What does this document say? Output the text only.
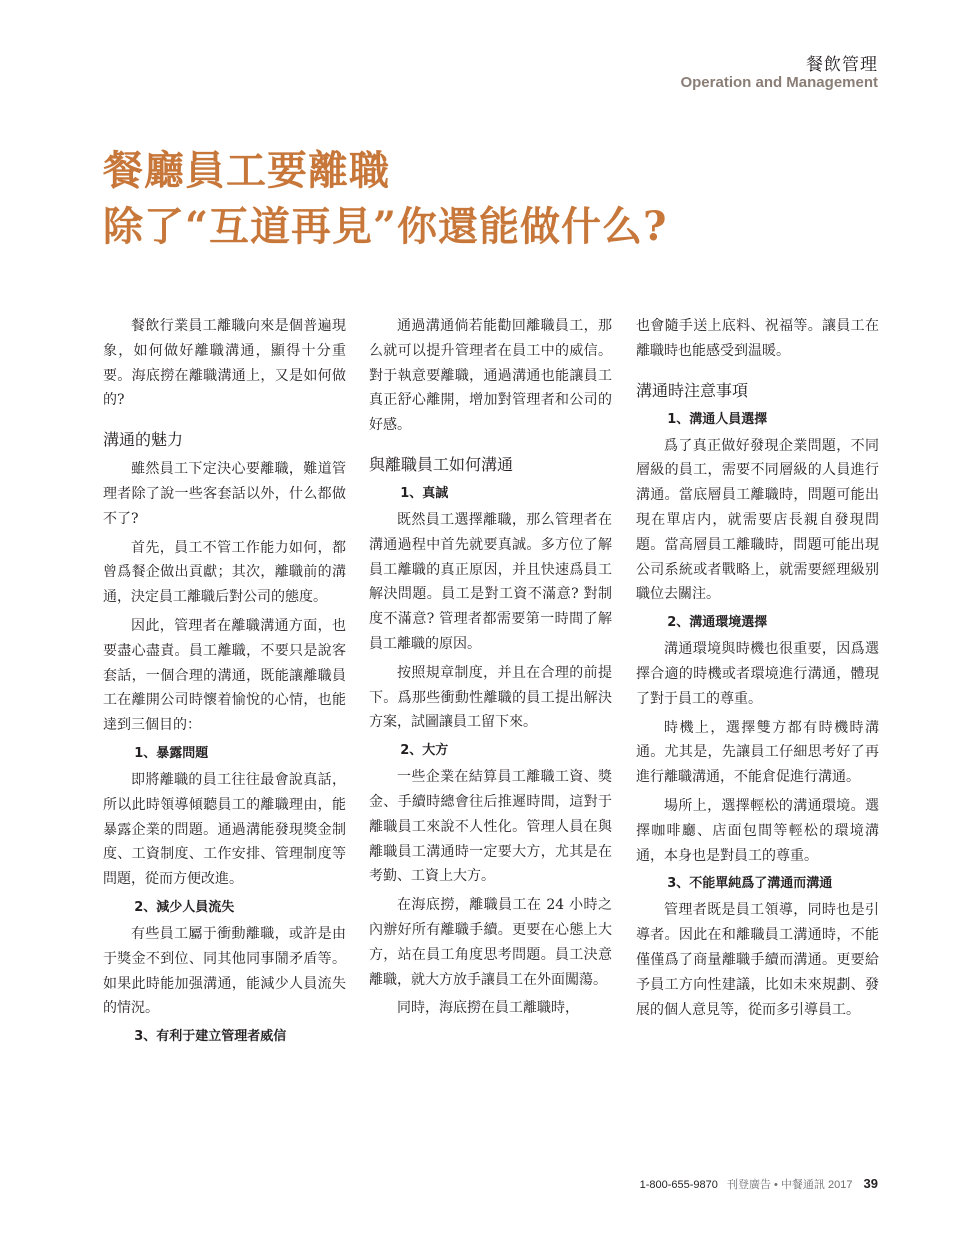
餐飲管理
Operation and Management
餐廳員工要離職
除了“互道再見”你還能做什么?

餐飲行業員工離職向來是個普遍現象，如何做好離職溝通，顯得十分重要。海底撈在離職溝通上，又是如何做的?

溝通的魅力

雖然員工下定決心要離職，難道管理者除了說一些客套話以外，什么都做不了?

首先，員工不管工作能力如何，都曾爲餐企做出貢獻；其次，離職前的溝通，決定員工離職后對公司的態度。

因此，管理者在離職溝通方面，也要盡心盡責。員工離職，不要只是說客套話，一個合理的溝通，既能讓離職員工在離開公司時懷着愉悅的心情，也能達到三個目的：

1、暴露問題

即將離職的員工往往最會說真話，所以此時領導傾聽員工的離職理由，能暴露企業的問題。通過溝能發現獎金制度、工資制度、工作安排、管理制度等問題，從而方便改進。

2、減少人員流失

有些員工屬于衝動離職，或許是由于獎金不到位、同其他同事鬧矛盾等。如果此時能加强溝通，能減少人員流失的情況。

3、有利于建立管理者威信

通過溝通倘若能勸回離職員工，那么就可以提升管理者在員工中的威信。對于執意要離職，通過溝通也能讓員工真正舒心離開，增加對管理者和公司的好感。

與離職員工如何溝通
1、真誠

既然員工選擇離職，那么管理者在溝通過程中首先就要真誠。多方位了解員工離職的真正原因，并且快速爲員工解決問題。員工是對工資不滿意? 對制度不滿意? 管理者都需要第一時間了解員工離職的原因。

按照規章制度，并且在合理的前提下。爲那些衝動性離職的員工提出解決方案，試圖讓員工留下來。

2、大方

一些企業在結算員工離職工資、獎金、手續時總會往后推遲時間，這對于離職員工來說不人性化。管理人員在與離職員工溝通時一定要大方，尤其是在考勤、工資上大方。

在海底撈，離職員工在 24 小時之內辦好所有離職手續。更要在心態上大方，站在員工角度思考問題。員工決意離職，就大方放手讓員工在外面闖蕩。

同時，海底撈在員工離職時，

也會隨手送上底料、祝福等。讓員工在離職時也能感受到温暖。

溝通時注意事項
1、溝通人員選擇

爲了真正做好發現企業問題，不同層級的員工，需要不同層級的人員進行溝通。當底層員工離職時，問題可能出現在單店内，就需要店長親自發現問題。當高層員工離職時，問題可能出現公司系統或者戰略上，就需要經理級别職位去關注。

2、溝通環境選擇

溝通環境與時機也很重要，因爲選擇合適的時機或者環境進行溝通，體現了對于員工的尊重。

時機上，選擇雙方都有時機時溝通。尤其是，先讓員工仔細思考好了再進行離職溝通，不能倉促進行溝通。

場所上，選擇輕松的溝通環境。選擇咖啡廳、店面包間等輕松的環境溝通，本身也是對員工的尊重。

3、不能單純爲了溝通而溝通

管理者既是員工領導，同時也是引導者。因此在和離職員工溝通時，不能僅僅爲了商量離職手續而溝通。更要給予員工方向性建議，比如未來規劃、發展的個人意見等，從而多引導員工。

1-800-655-9870 刊登廣告 • 中餐通訊 2017 39
